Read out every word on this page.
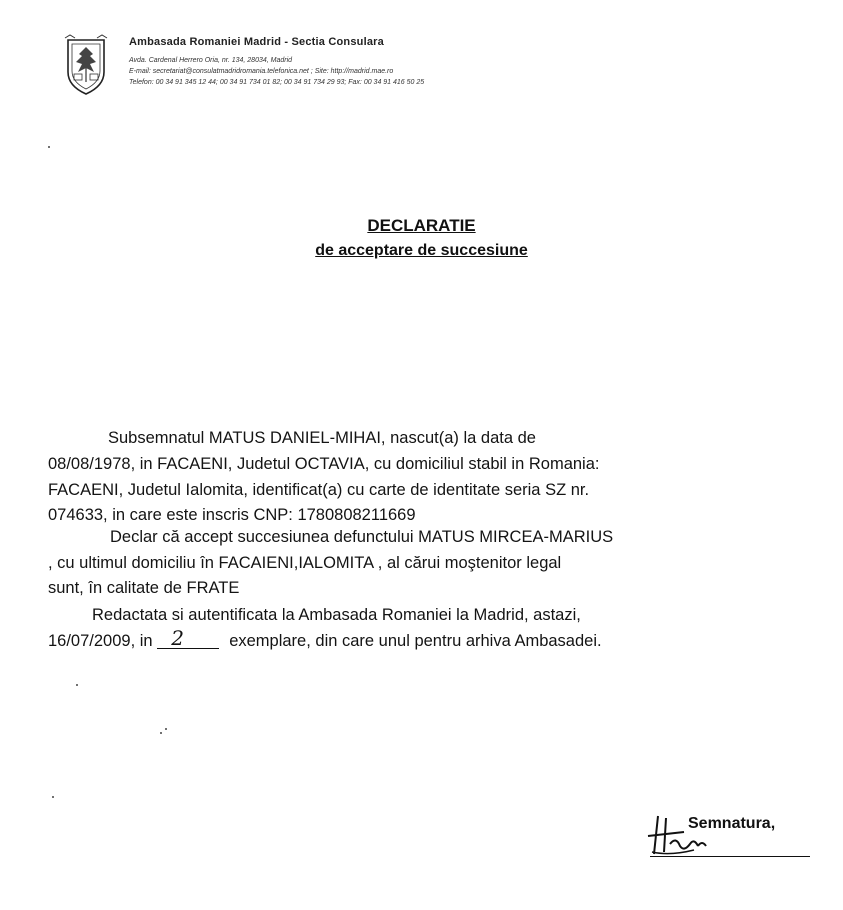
Ambasada Romaniei Madrid - Sectia Consulara
Avda. Cardenal Herrero Oria, nr. 134, 28034, Madrid
E-mail: secretariat@consulatmadridromania.telefonica.net ; Site: http://madrid.mae.ro
Telefon: 00 34 91 345 12 44; 00 34 91 734 01 82; 00 34 91 734 29 93; Fax: 00 34 91 416 50 25
DECLARATIE
de acceptare de succesiune
Subsemnatul MATUS DANIEL-MIHAI, nascut(a) la data de
08/08/1978, in FACAENI, Judetul OCTAVIA, cu domiciliul stabil in Romania:
FACAENI, Judetul Ialomita, identificat(a) cu carte de identitate seria SZ nr.
074633, in care este inscris CNP: 1780808211669
Declar că accept succesiunea defunctului MATUS MIRCEA-MARIUS
, cu ultimul domiciliu în FACAIENI,IALOMITA , al cărui moştenitor legal
sunt, în calitate de FRATE
Redactata si autentificata la Ambasada Romaniei la Madrid, astazi,
16/07/2009, in 2	exemplare, din care unul pentru arhiva Ambasadei.
Semnatura,
